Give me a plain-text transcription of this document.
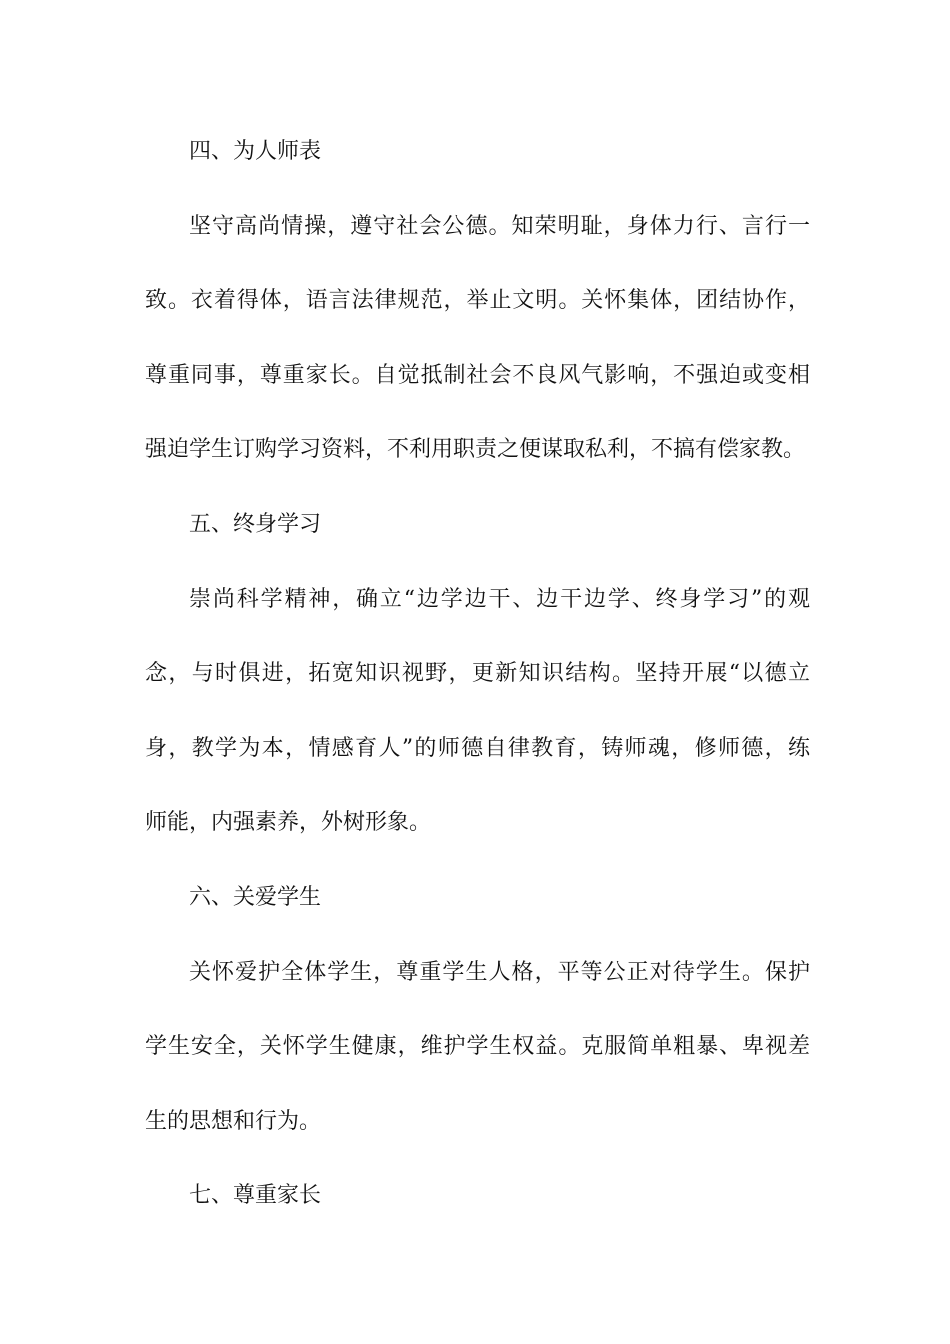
四、为人师表
坚守高尚情操，遵守社会公德。知荣明耻，身体力行、言行一
致。衣着得体，语言法律规范，举止文明。关怀集体，团结协作，
尊重同事，尊重家长。自觉抵制社会不良风气影响，不强迫或变相
强迫学生订购学习资料，不利用职责之便谋取私利，不搞有偿家教。
五、终身学习
崇尚科学精神，确立“边学边干、边干边学、终身学习”的观
念，与时俱进，拓宽知识视野，更新知识结构。坚持开展“以德立
身，教学为本，情感育人”的师德自律教育，铸师魂，修师德，练
师能，内强素养，外树形象。
六、关爱学生
关怀爱护全体学生，尊重学生人格，平等公正对待学生。保护
学生安全，关怀学生健康，维护学生权益。克服简单粗暴、卑视差
生的思想和行为。
七、尊重家长
